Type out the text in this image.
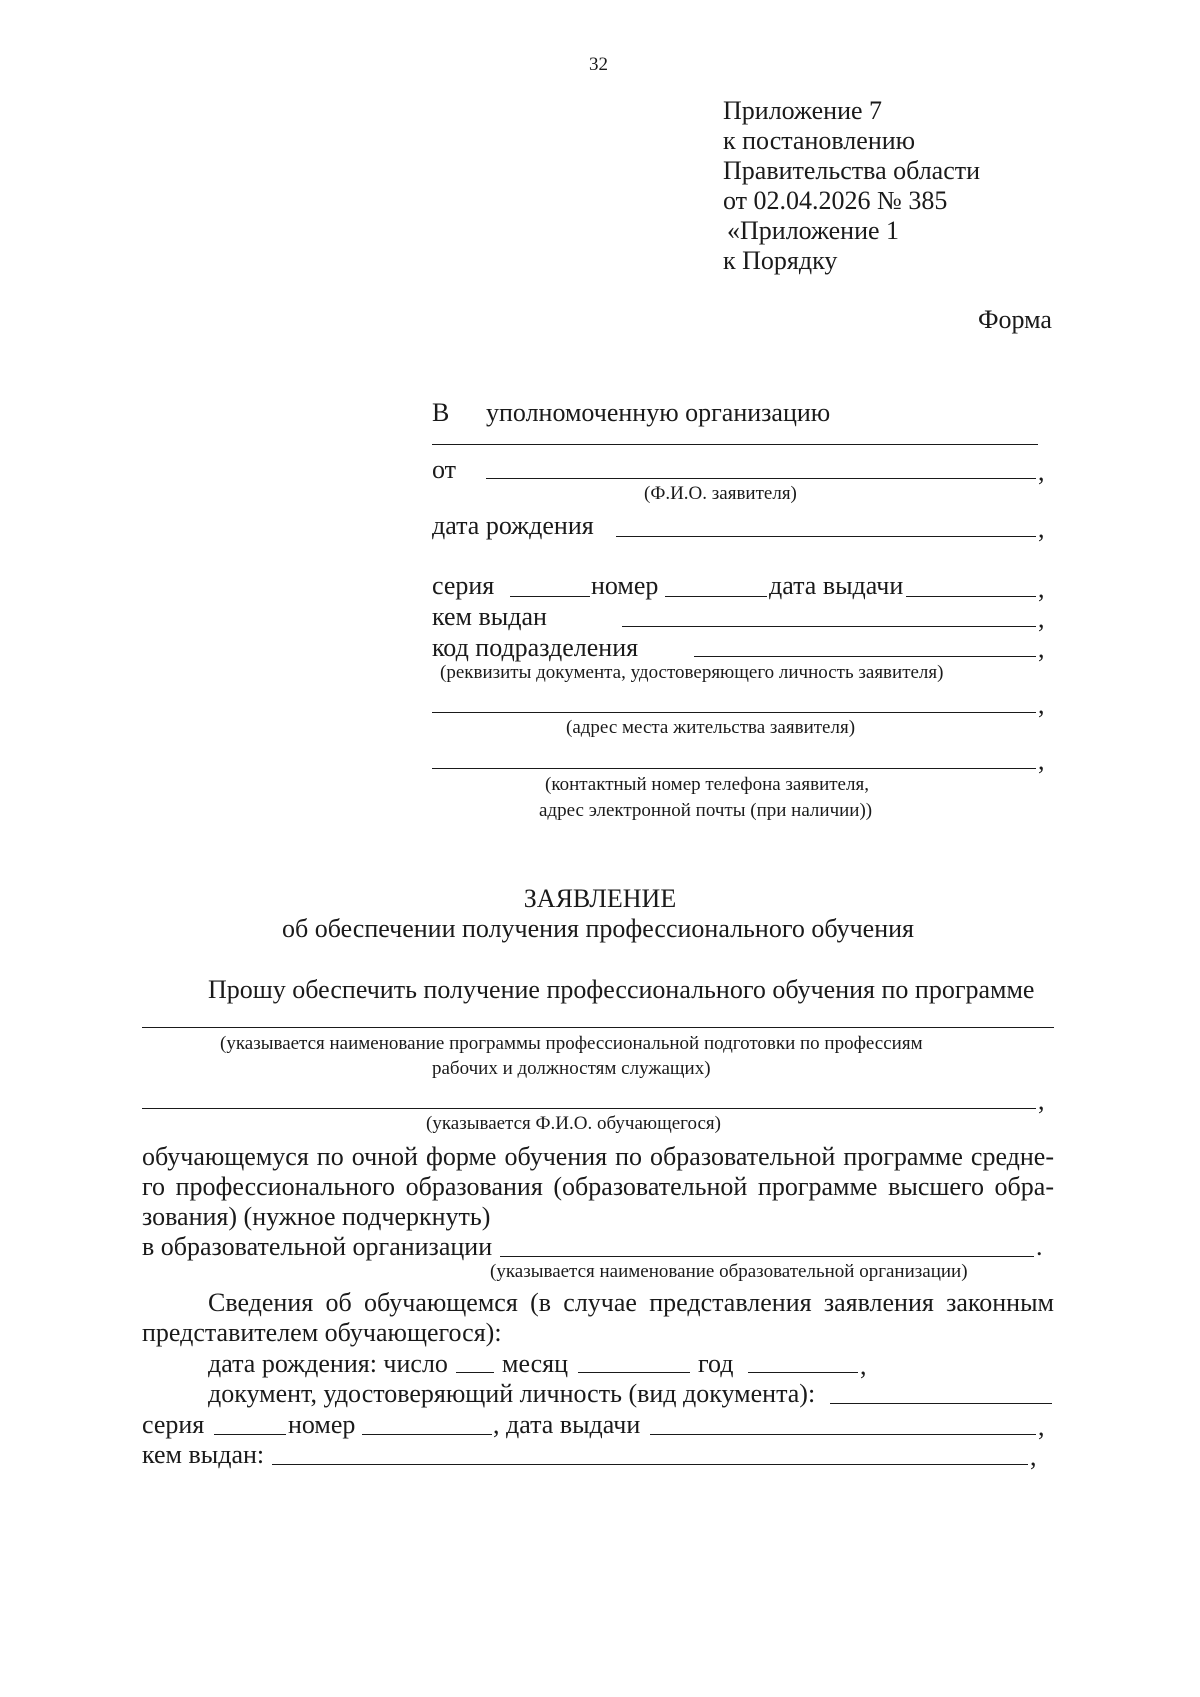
32
Приложение 7
к постановлению
Правительства области
от 02.04.2026 № 385
«Приложение 1
к Порядку
Форма
В уполномоченную организацию
от	,
(Ф.И.О. заявителя)
дата рождения	,
серия	номер	дата выдачи	,
кем выдан	,
код подразделения	,
(реквизиты документа, удостоверяющего личность заявителя)
,
(адрес места жительства заявителя)
,
(контактный номер телефона заявителя,
адрес электронной почты (при наличии))
ЗАЯВЛЕНИЕ
об обеспечении получения профессионального обучения
Прошу обеспечить получение профессионального обучения по программе
(указывается наименование программы профессиональной подготовки по профессиям
рабочих и должностям служащих)
,
(указывается Ф.И.О. обучающегося)
обучающемуся по очной форме обучения по образовательной программе средне-
го профессионального образования (образовательной программе высшего обра-
зования) (нужное подчеркнуть)
в образовательной организации	.
(указывается наименование образовательной организации)
Сведения об обучающемся (в случае представления заявления законным
представителем обучающегося):
дата рождения: число месяц	год	,
документ, удостоверяющий личность (вид документа):
серия	номер	, дата выдачи	,
кем выдан:	,
